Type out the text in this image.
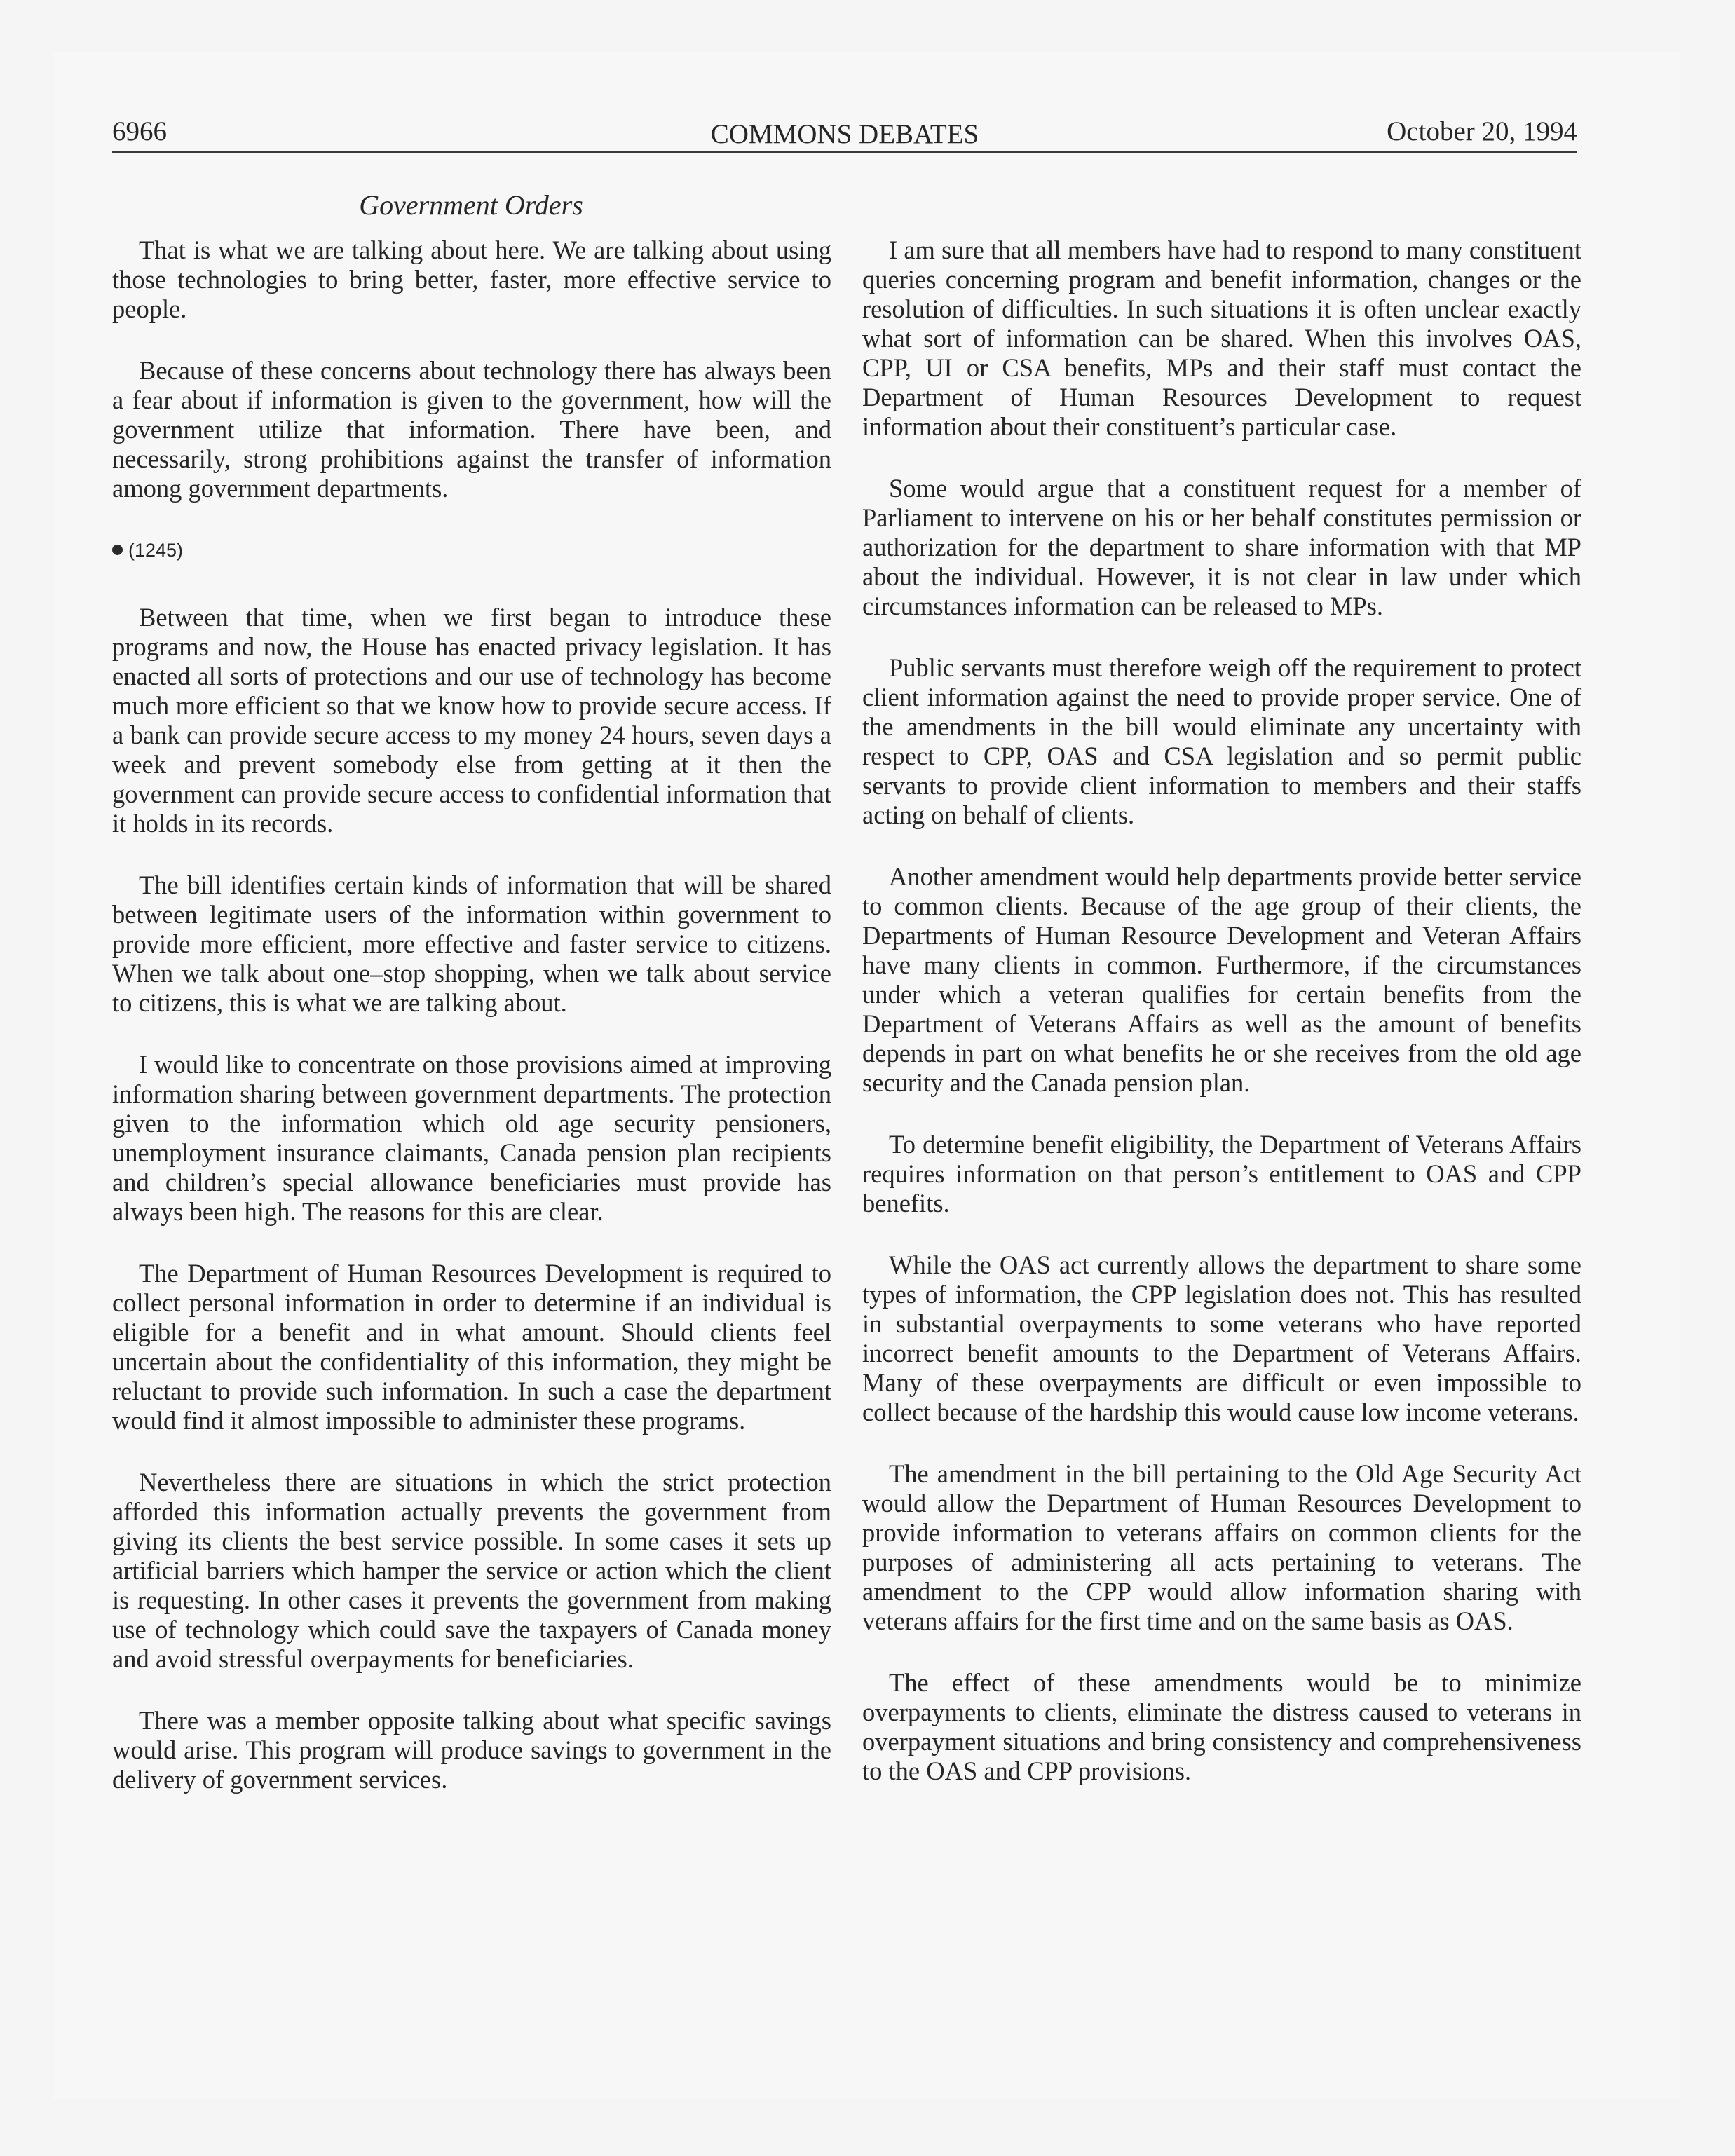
6966	COMMONS DEBATES	October 20, 1994
Government Orders

That is what we are talking about here. We are talking about using those technologies to bring better, faster, more effective service to people.

Because of these concerns about technology there has always been a fear about if information is given to the government, how will the government utilize that information. There have been, and necessarily, strong prohibitions against the transfer of information among government departments.

(1245)

Between that time, when we first began to introduce these programs and now, the House has enacted privacy legislation. It has enacted all sorts of protections and our use of technology has become much more efficient so that we know how to provide secure access. If a bank can provide secure access to my money 24 hours, seven days a week and prevent somebody else from getting at it then the government can provide secure access to confidential information that it holds in its records.

The bill identifies certain kinds of information that will be shared between legitimate users of the information within government to provide more efficient, more effective and faster service to citizens. When we talk about one–stop shopping, when we talk about service to citizens, this is what we are talking about.

I would like to concentrate on those provisions aimed at improving information sharing between government departments. The protection given to the information which old age security pensioners, unemployment insurance claimants, Canada pension plan recipients and children’s special allowance beneficiaries must provide has always been high. The reasons for this are clear.

The Department of Human Resources Development is required to collect personal information in order to determine if an individual is eligible for a benefit and in what amount. Should clients feel uncertain about the confidentiality of this information, they might be reluctant to provide such information. In such a case the department would find it almost impossible to administer these programs.

Nevertheless there are situations in which the strict protection afforded this information actually prevents the government from giving its clients the best service possible. In some cases it sets up artificial barriers which hamper the service or action which the client is requesting. In other cases it prevents the government from making use of technology which could save the taxpayers of Canada money and avoid stressful overpayments for beneficiaries.

There was a member opposite talking about what specific savings would arise. This program will produce savings to government in the delivery of government services.

I am sure that all members have had to respond to many constituent queries concerning program and benefit information, changes or the resolution of difficulties. In such situations it is often unclear exactly what sort of information can be shared. When this involves OAS, CPP, UI or CSA benefits, MPs and their staff must contact the Department of Human Resources Development to request information about their constituent’s particular case.

Some would argue that a constituent request for a member of Parliament to intervene on his or her behalf constitutes permission or authorization for the department to share information with that MP about the individual. However, it is not clear in law under which circumstances information can be released to MPs.

Public servants must therefore weigh off the requirement to protect client information against the need to provide proper service. One of the amendments in the bill would eliminate any uncertainty with respect to CPP, OAS and CSA legislation and so permit public servants to provide client information to members and their staffs acting on behalf of clients.

Another amendment would help departments provide better service to common clients. Because of the age group of their clients, the Departments of Human Resource Development and Veteran Affairs have many clients in common. Furthermore, if the circumstances under which a veteran qualifies for certain benefits from the Department of Veterans Affairs as well as the amount of benefits depends in part on what benefits he or she receives from the old age security and the Canada pension plan.

To determine benefit eligibility, the Department of Veterans Affairs requires information on that person’s entitlement to OAS and CPP benefits.

While the OAS act currently allows the department to share some types of information, the CPP legislation does not. This has resulted in substantial overpayments to some veterans who have reported incorrect benefit amounts to the Department of Veterans Affairs. Many of these overpayments are difficult or even impossible to collect because of the hardship this would cause low income veterans.

The amendment in the bill pertaining to the Old Age Security Act would allow the Department of Human Resources Development to provide information to veterans affairs on common clients for the purposes of administering all acts pertaining to veterans. The amendment to the CPP would allow information sharing with veterans affairs for the first time and on the same basis as OAS.

The effect of these amendments would be to minimize overpayments to clients, eliminate the distress caused to veterans in overpayment situations and bring consistency and comprehensiveness to the OAS and CPP provisions.
